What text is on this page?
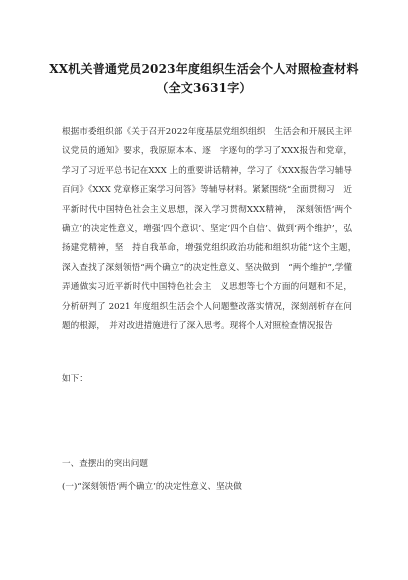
XX机关普通党员2023年度组织生活会个人对照检查材料
（全文3631字）

根据市委组织部《关于召开2022年度基层党组织组织　生活会和开展民主评议党员的通知》要求，我原原本本、逐　字逐句的学习了XXX报告和党章，学习了习近平总书记在XXX 上的重要讲话精神，学习了《XXX报告学习辅导百问》《XXX 党章修正案学习问答》等辅导材料。紧紧围绕“全面贯彻习　近平新时代中国特色社会主义思想，深入学习贯彻XXX精神，　深刻领悟‘两个确立’的决定性意义，增强‘四个意识’、坚定‘四个自信’、做到‘两个维护’，弘扬建党精神，坚　持自我革命，增强党组织政治功能和组织功能”这个主题，　深入查找了深刻领悟“两个确立”的决定性意义、坚决做到　“两个维护”,学懂弄通做实习近平新时代中国特色社会主　义思想等七个方面的问题和不足，分析研判了 2021 年度组织生活会个人问题整改落实情况，深刻剖析存在问题的根源，　并对改进措施进行了深入思考。现将个人对照检查情况报告

如下：
一、查摆出的突出问题
(一)“深刻领悟‘两个确立’的决定性意义、坚决做
